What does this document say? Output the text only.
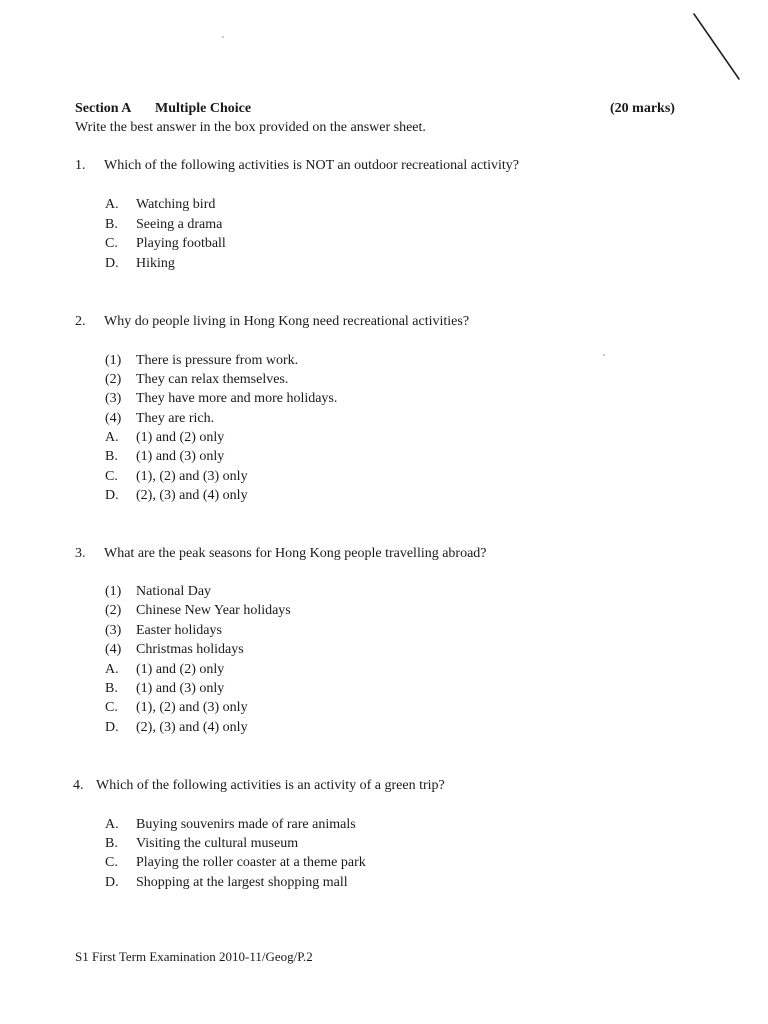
Section A Multiple Choice	(20 marks)
Write the best answer in the box provided on the answer sheet.
1. Which of the following activities is NOT an outdoor recreational activity?
A. Watching bird
B. Seeing a drama
C. Playing football
D. Hiking
2. Why do people living in Hong Kong need recreational activities?
(1) There is pressure from work.
(2) They can relax themselves.
(3) They have more and more holidays.
(4) They are rich.
A. (1) and (2) only
B. (1) and (3) only
C. (1), (2) and (3) only
D. (2), (3) and (4) only
3. What are the peak seasons for Hong Kong people travelling abroad?
(1) National Day
(2) Chinese New Year holidays
(3) Easter holidays
(4) Christmas holidays
A. (1) and (2) only
B. (1) and (3) only
C. (1), (2) and (3) only
D. (2), (3) and (4) only
4. Which of the following activities is an activity of a green trip?
A. Buying souvenirs made of rare animals
B. Visiting the cultural museum
C. Playing the roller coaster at a theme park
D. Shopping at the largest shopping mall
S1 First Term Examination 2010-11/Geog/P.2
